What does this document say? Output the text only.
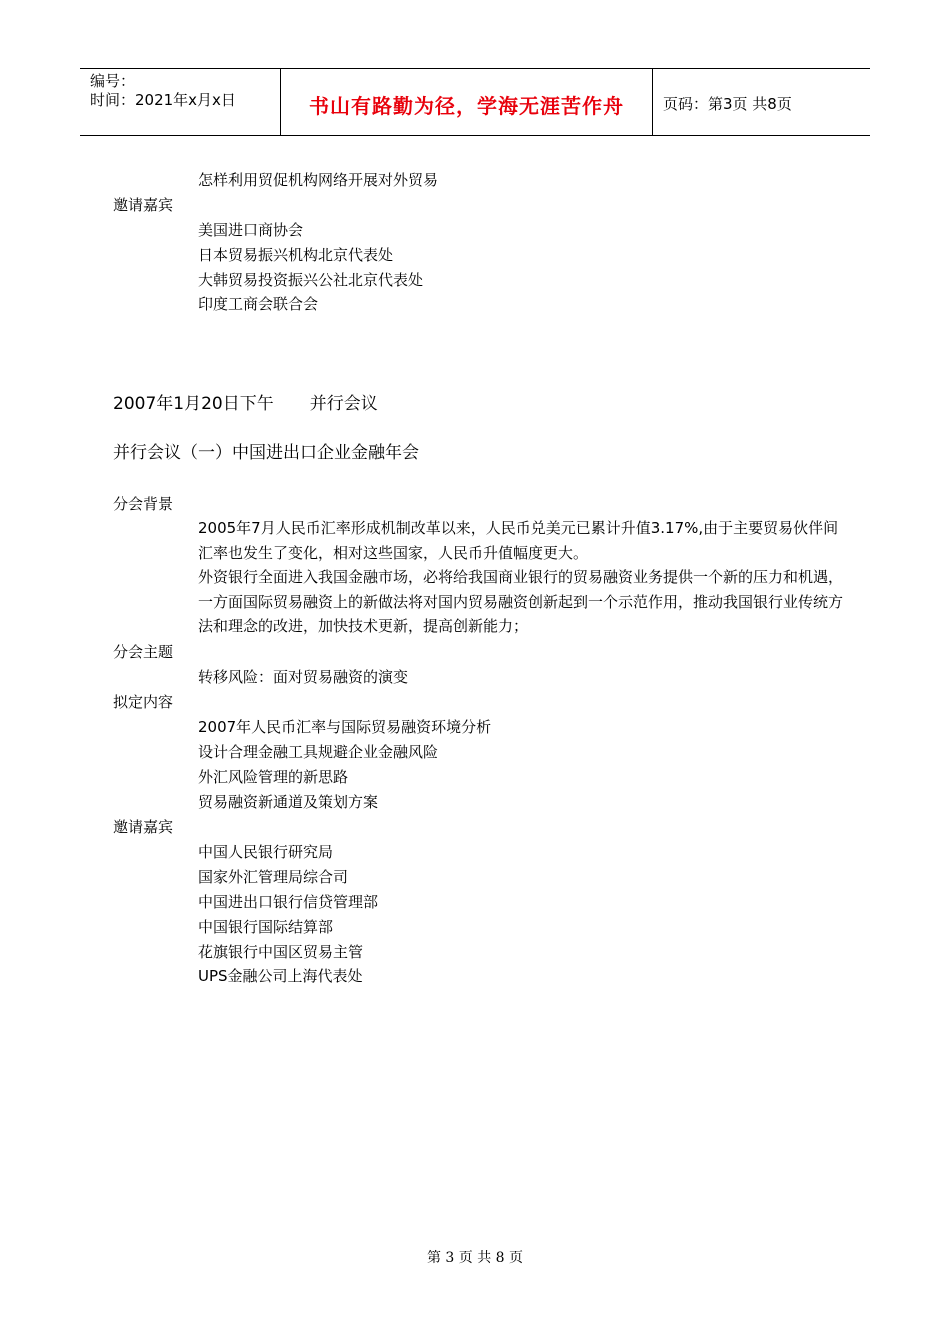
编号：
时间：2021年x月x日	书山有路勤为径，学海无涯苦作舟	页码：第3页 共8页
怎样利用贸促机构网络开展对外贸易
邀请嘉宾
美国进口商协会
日本贸易振兴机构北京代表处
大韩贸易投资振兴公社北京代表处
印度工商会联合会
2007年1月20日下午 并行会议
并行会议（一）中国进出口企业金融年会
分会背景

2005年7月人民币汇率形成机制改革以来，人民币兑美元已累计升值3.17%,由于主要贸易伙伴间汇率也发生了变化，相对这些国家，人民币升值幅度更大。

外资银行全面进入我国金融市场，必将给我国商业银行的贸易融资业务提供一个新的压力和机遇，一方面国际贸易融资上的新做法将对国内贸易融资创新起到一个示范作用，推动我国银行业传统方法和理念的改进，加快技术更新，提高创新能力；

分会主题
转移风险：面对贸易融资的演变
拟定内容
2007年人民币汇率与国际贸易融资环境分析
设计合理金融工具规避企业金融风险
外汇风险管理的新思路
贸易融资新通道及策划方案
邀请嘉宾
中国人民银行研究局
国家外汇管理局综合司
中国进出口银行信贷管理部
中国银行国际结算部
花旗银行中国区贸易主管
UPS金融公司上海代表处
第 3 页 共 8 页
